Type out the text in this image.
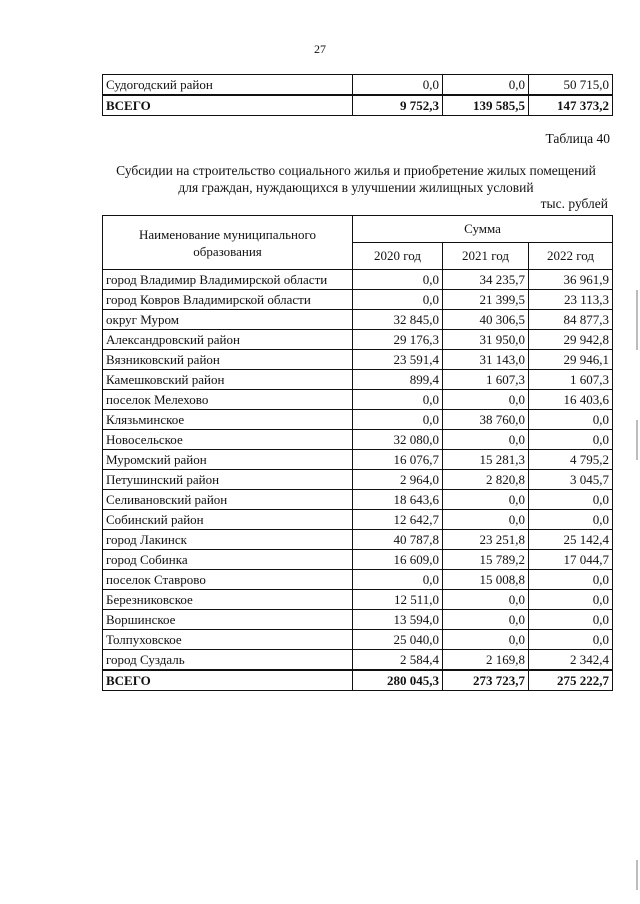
27
Судогодский район	0,0	0,0	50 715,0
ВСЕГО	9 752,3	139 585,5	147 373,2
Таблица 40
Субсидии на строительство социального жилья и приобретение жилых помещений
для граждан, нуждающихся в улучшении жилищных условий
тыс. рублей
Наименование муниципального образования	Сумма		
	2020 год	2021 год	2022 год
город Владимир Владимирской области	0,0	34 235,7	36 961,9
город Ковров Владимирской области	0,0	21 399,5	23 113,3
округ Муром	32 845,0	40 306,5	84 877,3
Александровский район	29 176,3	31 950,0	29 942,8
Вязниковский район	23 591,4	31 143,0	29 946,1
Камешковский район	899,4	1 607,3	1 607,3
поселок Мелехово	0,0	0,0	16 403,6
Клязьминское	0,0	38 760,0	0,0
Новосельское	32 080,0	0,0	0,0
Муромский район	16 076,7	15 281,3	4 795,2
Петушинский район	2 964,0	2 820,8	3 045,7
Селивановский район	18 643,6	0,0	0,0
Собинский район	12 642,7	0,0	0,0
город Лакинск	40 787,8	23 251,8	25 142,4
город Собинка	16 609,0	15 789,2	17 044,7
поселок Ставрово	0,0	15 008,8	0,0
Березниковское	12 511,0	0,0	0,0
Воршинское	13 594,0	0,0	0,0
Толпуховское	25 040,0	0,0	0,0
город Суздаль	2 584,4	2 169,8	2 342,4
ВСЕГО	280 045,3	273 723,7	275 222,7
